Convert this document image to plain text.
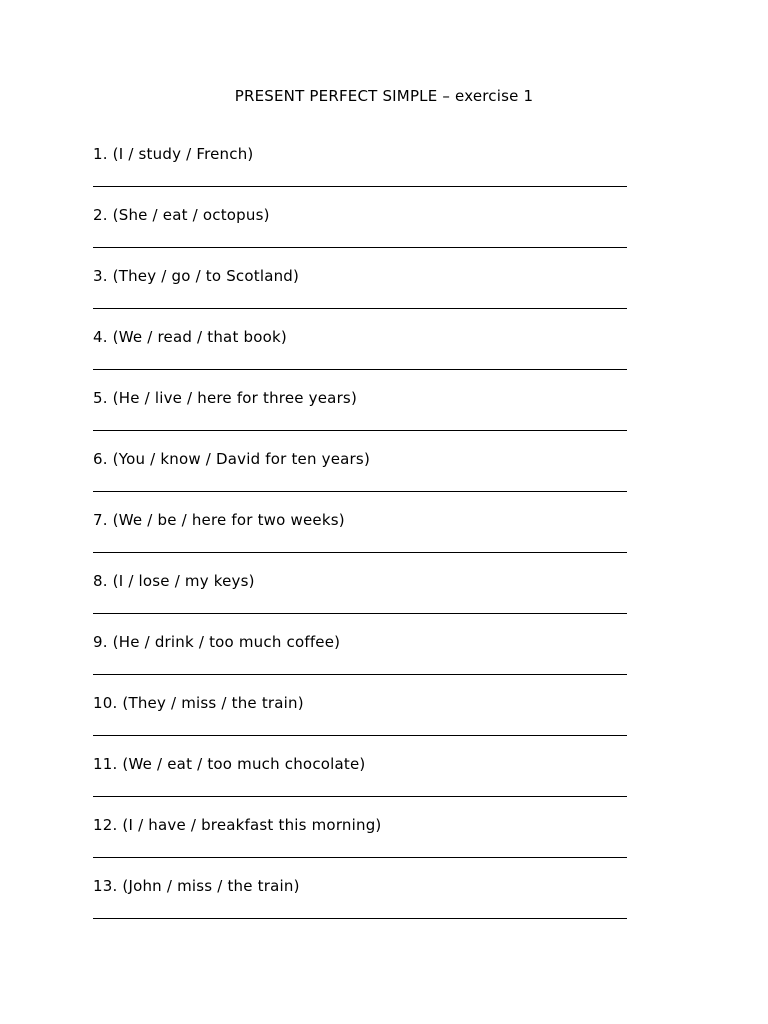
PRESENT PERFECT SIMPLE – exercise 1
1. (I / study / French)
2. (She / eat / octopus)
3. (They / go / to Scotland)
4. (We / read / that book)
5. (He / live / here for three years)
6. (You / know / David for ten years)
7. (We / be / here for two weeks)
8. (I / lose / my keys)
9. (He / drink / too much coffee)
10. (They / miss / the train)
11. (We / eat / too much chocolate)
12. (I / have / breakfast this morning)
13. (John / miss / the train)
